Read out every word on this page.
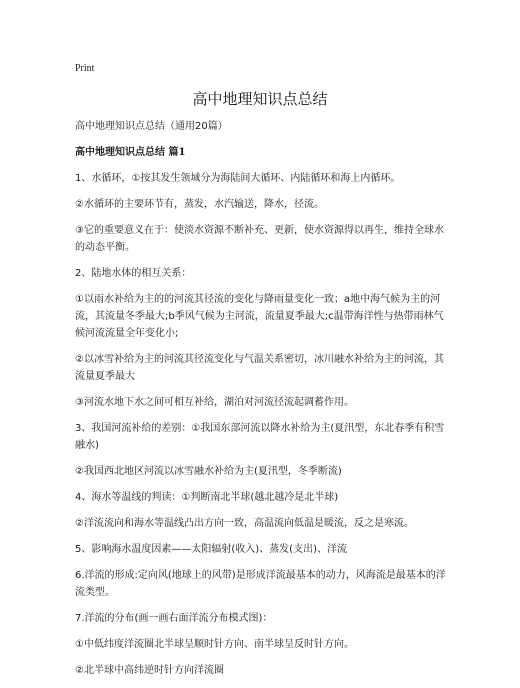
Print
高中地理知识点总结

高中地理知识点总结（通用20篇）

高中地理知识点总结 篇1

1、水循环，①按其发生领域分为海陆间大循环、内陆循环和海上内循环。

②水循环的主要环节有，蒸发，水汽输送，降水，径流。

③它的重要意义在于：使淡水资源不断补充、更新，使水资源得以再生，维持全球水的动态平衡。

2、陆地水体的相互关系：

①以雨水补给为主的的河流其径流的变化与降雨量变化一致；a地中海气候为主的河流，其流量冬季最大;b季风气候为主河流，流量夏季最大;c温带海洋性与热带雨林气候河流流量全年变化小;

②以冰雪补给为主的河流其径流变化与气温关系密切，冰川融水补给为主的河流，其流量夏季最大

③河流水地下水之间可相互补给，湖泊对河流径流起调蓄作用。

3、我国河流补给的差别：①我国东部河流以降水补给为主(夏汛型，东北春季有积雪融水)

②我国西北地区河流以冰雪融水补给为主(夏汛型，冬季断流)

4、海水等温线的判读：①判断南北半球(越北越冷是北半球)

②洋流流向和海水等温线凸出方向一致，高温流向低温是暖流，反之是寒流。

5、影响海水温度因素——太阳辐射(收入)、蒸发(支出)、洋流

6.洋流的形成:定向风(地球上的风带)是形成洋流最基本的动力，风海流是最基本的洋流类型。

7.洋流的分布(画一画右面洋流分布模式图)：

①中低纬度洋流圈北半球呈顺时针方向、南半球呈反时针方向。

②北半球中高纬逆时针方向洋流圈
